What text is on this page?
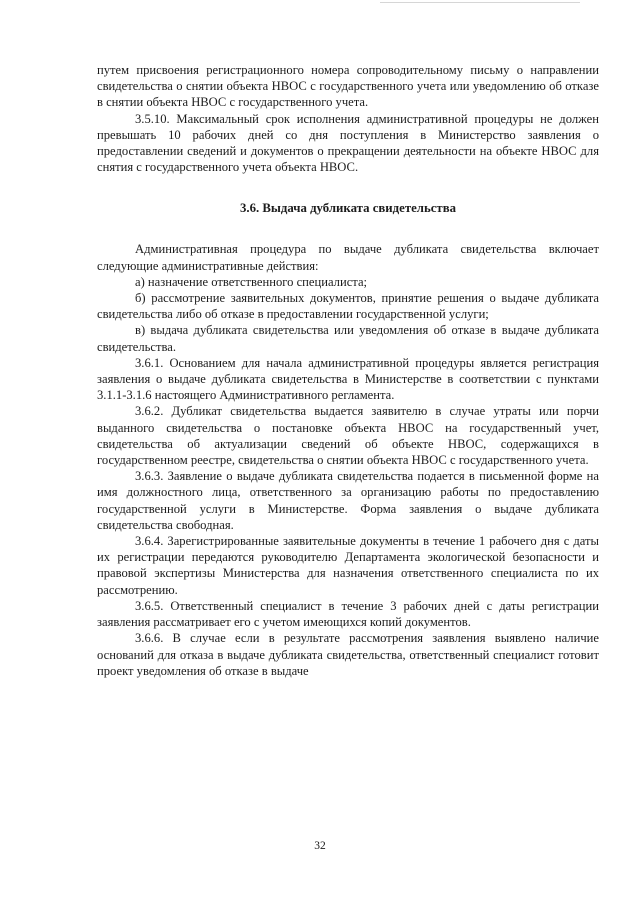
путем присвоения регистрационного номера сопроводительному письму о направлении свидетельства о снятии объекта НВОС с государственного учета или уведомлению об отказе в снятии объекта НВОС с государственного учета.

3.5.10. Максимальный срок исполнения административной процедуры не должен превышать 10 рабочих дней со дня поступления в Министерство заявления о предоставлении сведений и документов о прекращении деятельности на объекте НВОС для снятия с государственного учета объекта НВОС.

3.6. Выдача дубликата свидетельства

Административная процедура по выдаче дубликата свидетельства включает следующие административные действия:

а) назначение ответственного специалиста;

б) рассмотрение заявительных документов, принятие решения о выдаче дубликата свидетельства либо об отказе в предоставлении государственной услуги;

в) выдача дубликата свидетельства или уведомления об отказе в выдаче дубликата свидетельства.

3.6.1. Основанием для начала административной процедуры является регистрация заявления о выдаче дубликата свидетельства в Министерстве в соответствии с пунктами 3.1.1-3.1.6 настоящего Административного регламента.

3.6.2. Дубликат свидетельства выдается заявителю в случае утраты или порчи выданного свидетельства о постановке объекта НВОС на государственный учет, свидетельства об актуализации сведений об объекте НВОС, содержащихся в государственном реестре, свидетельства о снятии объекта НВОС с государственного учета.

3.6.3. Заявление о выдаче дубликата свидетельства подается в письменной форме на имя должностного лица, ответственного за организацию работы по предоставлению государственной услуги в Министерстве. Форма заявления о выдаче дубликата свидетельства свободная.

3.6.4. Зарегистрированные заявительные документы в течение 1 рабочего дня с даты их регистрации передаются руководителю Департамента экологической безопасности и правовой экспертизы Министерства для назначения ответственного специалиста по их рассмотрению.

3.6.5. Ответственный специалист в течение 3 рабочих дней с даты регистрации заявления рассматривает его с учетом имеющихся копий документов.

3.6.6. В случае если в результате рассмотрения заявления выявлено наличие оснований для отказа в выдаче дубликата свидетельства, ответственный специалист готовит проект уведомления об отказе в выдаче

32
